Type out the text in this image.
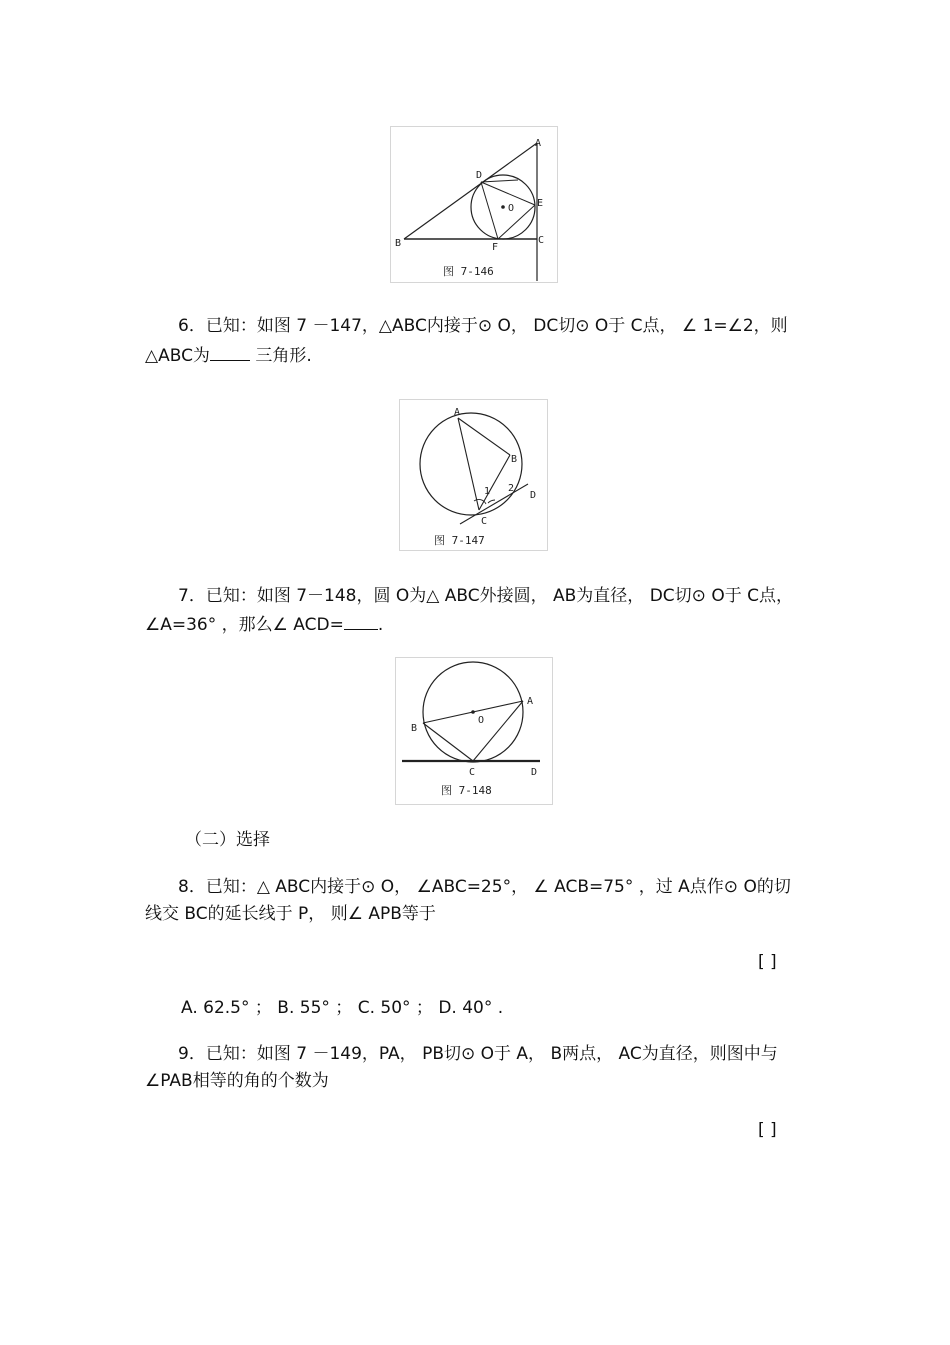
A
B	C
D
E
F
O
图 7-146
6．已知：如图 7 －147，△ABC内接于⊙ O， DC切⊙ O于 C点， ∠ 1=∠2，则
△ABC为 三角形.
A
B
C
D
1 2
图 7-147
7．已知：如图 7－148，圆 O为△ ABC外接圆， AB为直径， DC切⊙ O于 C点，
∠A=36° ，那么∠ ACD= .
A
B
C	D
O
图 7-148
（二）选择
8．已知：△ ABC内接于⊙ O， ∠ABC=25°， ∠ ACB=75° ，过 A点作⊙ O的切
线交 BC的延长线于 P， 则∠ APB等于
[ ]
A. 62.5° ； B. 55° ； C. 50° ； D. 40° .
9．已知：如图 7 －149，PA， PB切⊙ O于 A， B两点， AC为直径，则图中与
∠PAB相等的角的个数为
[ ]
